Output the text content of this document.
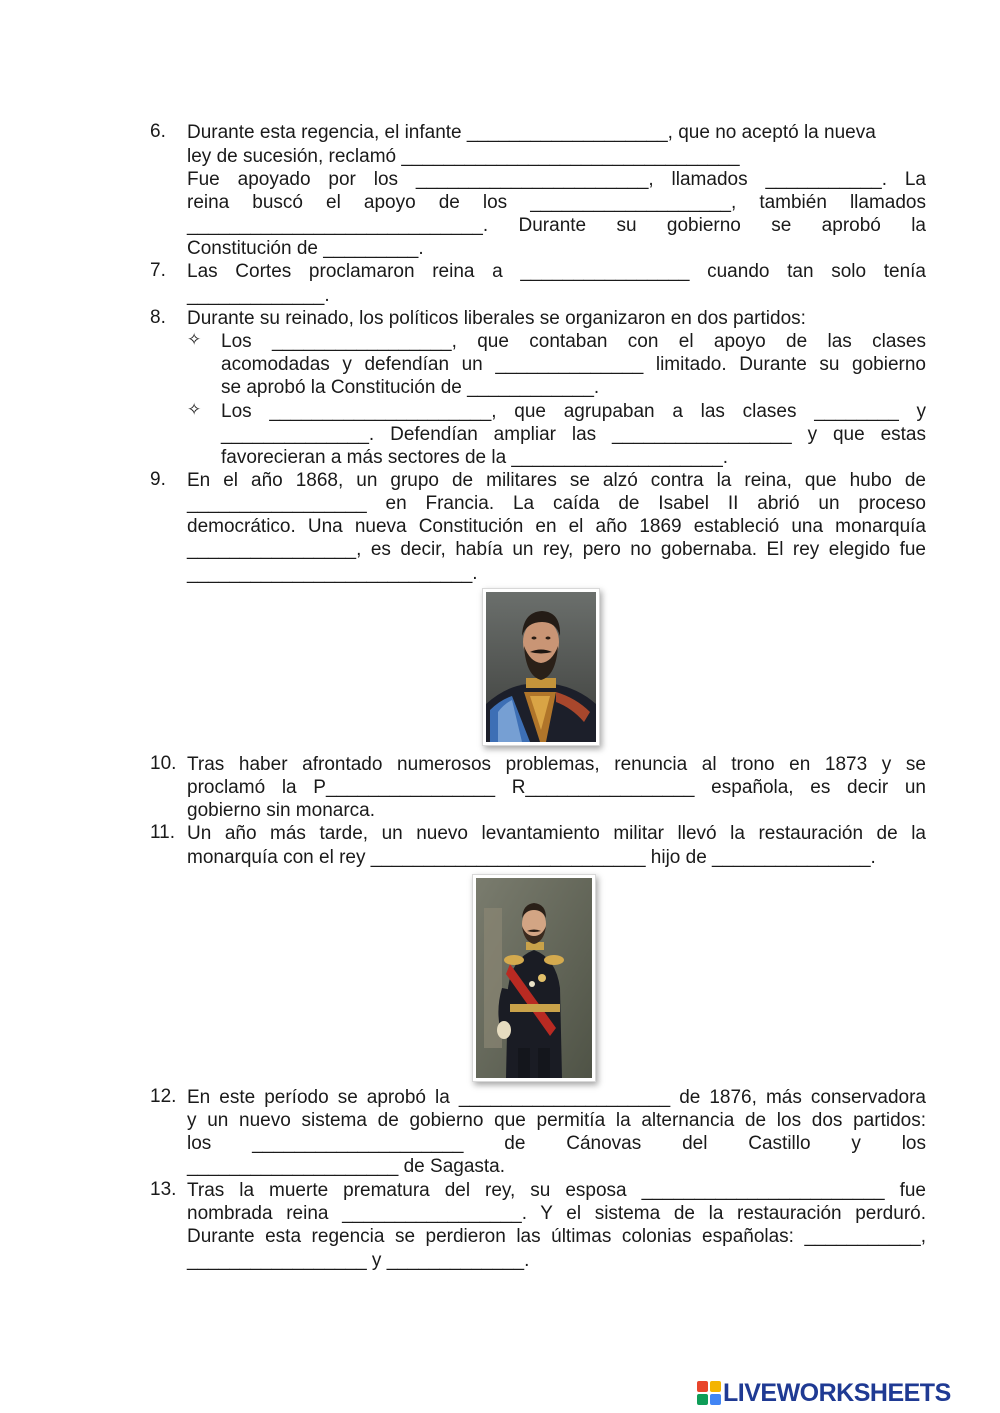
6. Durante esta regencia, el infante ___________________, que no aceptó la nueva
ley de sucesión, reclamó ________________________________
Fue apoyado por los ______________________, llamados ___________. La
reina buscó el apoyo de los ___________________, también llamados
____________________________. Durante su gobierno se aprobó la
Constitución de _________.
7. Las Cortes proclamaron reina a ________________ cuando tan solo tenía
_____________.
8. Durante su reinado, los políticos liberales se organizaron en dos partidos:
✧ Los _________________, que contaban con el apoyo de las clases
acomodadas y defendían un ______________ limitado. Durante su gobierno
se aprobó la Constitución de ____________.
✧ Los _____________________, que agrupaban a las clases ________ y
______________. Defendían ampliar las _________________ y que estas
favorecieran a más sectores de la ____________________.
9. En el año 1868, un grupo de militares se alzó contra la reina, que hubo de
_________________ en Francia. La caída de Isabel II abrió un proceso
democrático. Una nueva Constitución en el año 1869 estableció una monarquía
________________, es decir, había un rey, pero no gobernaba. El rey elegido fue
___________________________.
10. Tras haber afrontado numerosos problemas, renuncia al trono en 1873 y se
proclamó la P________________ R________________ española, es decir un
gobierno sin monarca.
11. Un año más tarde, un nuevo levantamiento militar llevó la restauración de la
monarquía con el rey __________________________ hijo de _______________.
12. En este período se aprobó la ____________________ de 1876, más conservadora
y un nuevo sistema de gobierno que permitía la alternancia de los dos partidos:
los ____________________ de Cánovas del Castillo y los
____________________ de Sagasta.
13. Tras la muerte prematura del rey, su esposa _______________________ fue
nombrada reina _________________. Y el sistema de la restauración perduró.
Durante esta regencia se perdieron las últimas colonias españolas: ___________,
_________________ y _____________.
LIVEWORKSHEETS
